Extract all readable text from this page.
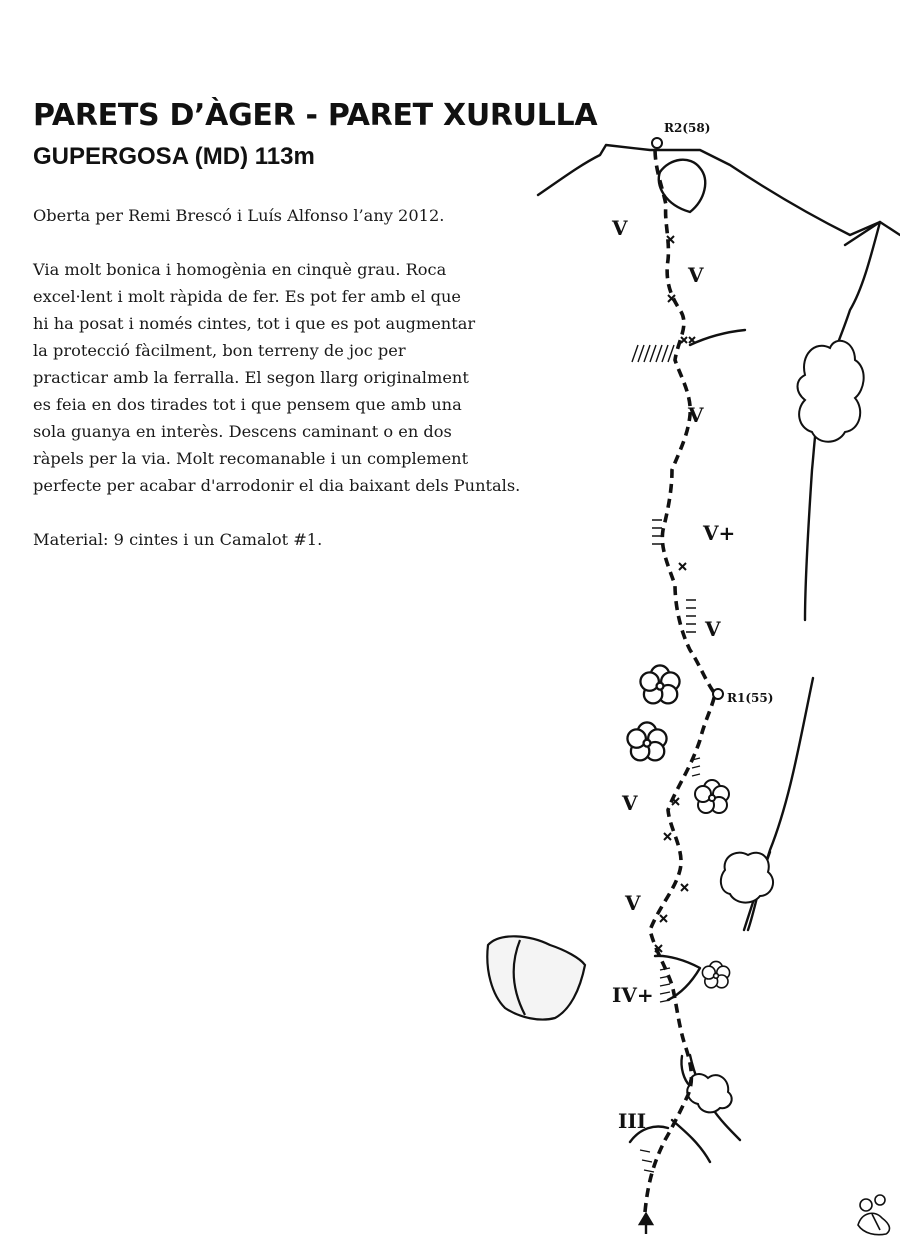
PARETS D’ÀGER - PARET XURULLA
GUPERGOSA (MD) 113m

Oberta per Remi Brescó i Luís Alfonso l’any 2012.

Via molt bonica i homogènia en cinquè grau. Roca
excel·lent i molt ràpida de fer. Es pot fer amb el que
hi ha posat i només cintes, tot i que es pot augmentar
la protecció fàcilment, bon terreny de joc per
practicar amb la ferralla. El segon llarg originalment
es feia en dos tirades tot i que pensem que amb una
sola guanya en interès. Descens caminant o en dos
ràpels per la via. Molt recomanable i un complement
perfecte per acabar d'arrodonir el dia baixant dels Puntals.

Material: 9 cintes i un Camalot #1.

R2(58)
R1(55)
V
V
V
V+
V
V
V
IV+
III
